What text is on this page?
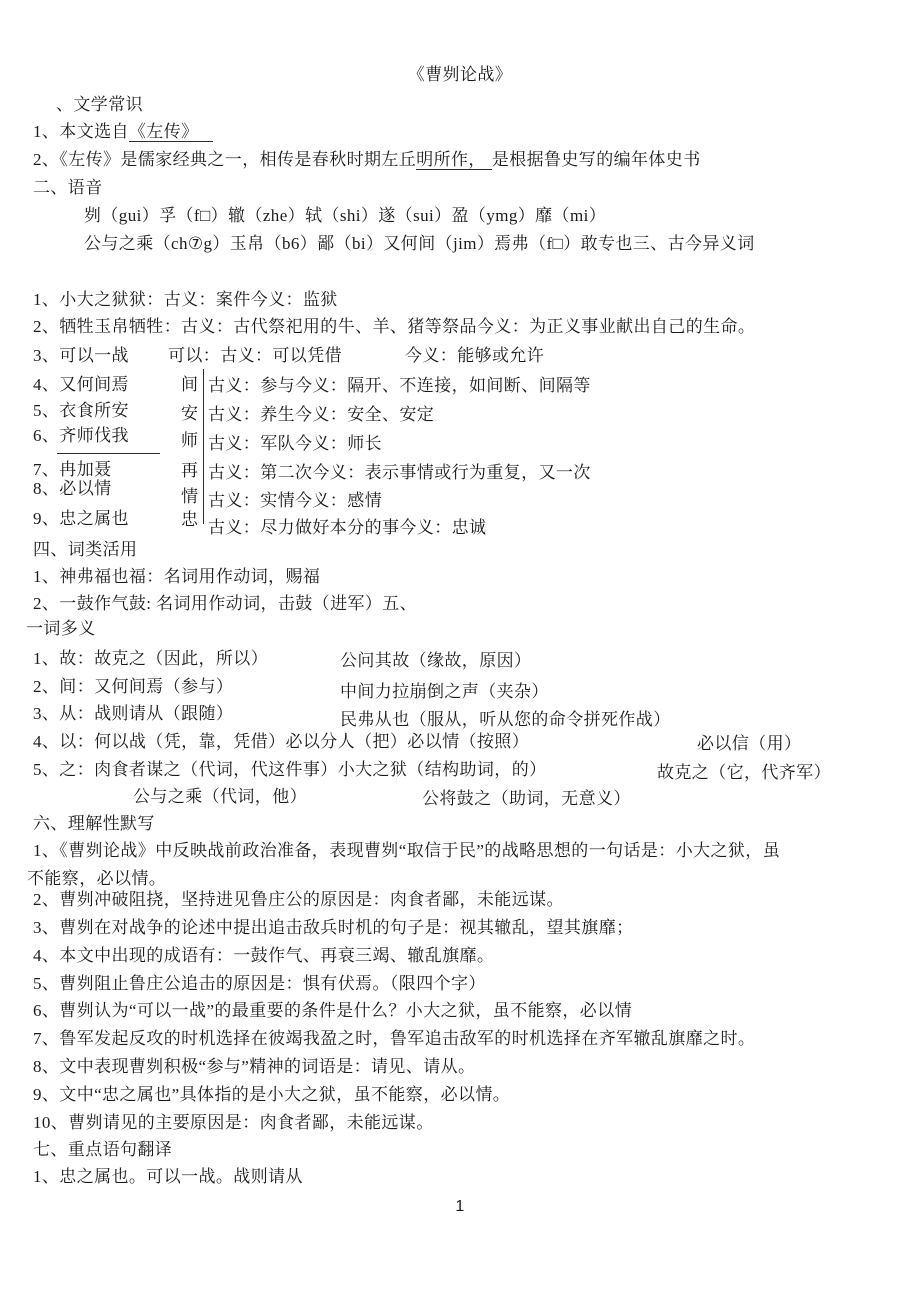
《曹刿论战》
、文学常识
1、本文选自《左传》
2、《左传》是儒家经典之一，相传是春秋时期左丘明所作， 是根据鲁史写的编年体史书
二、语音
刿（gui）孚（f□）辙（zhe）轼（shi）遂（sui）盈（ymg）靡（mi）
公与之乘（ch⑦g）玉帛（b6）鄙（bi）又何间（jim）焉弗（f□）敢专也三、古今异义词
1、小大之狱狱：古义：案件今义：监狱
2、牺牲玉帛牺牲：古义：古代祭祀用的牛、羊、猪等祭品今义：为正义事业献出自己的生命。
3、可以一战 可以：古义：可以凭借	今义：能够或允许
4、又何间焉	间 古义：参与今义：隔开、不连接，如间断、间隔等
5、衣食所安	安 古义：养生今义：安全、安定
6、齐师伐我	师 古义：军队今义：师长
7、冉加聂	再 古义：第二次今义：表示事情或行为重复，又一次
8、必以情	情 古义：实情今义：感情
9、忠之属也	忠 古义：尽力做好本分的事今义：忠诚
四、词类活用
1、神弗福也福：名词用作动词，赐福
2、一鼓作气鼓: 名词用作动词，击鼓（进军）五、
一词多义
1、故：故克之（因此，所以）	公问其故（缘故，原因）
2、间：又何间焉（参与）	中间力拉崩倒之声（夹杂）
3、从：战则请从（跟随）	民弗从也（服从，听从您的命令拼死作战）
4、以：何以战（凭，靠，凭借）必以分人（把）必以情（按照）	必以信（用）
5、之：肉食者谋之（代词，代这件事）小大之狱（结构助词，的）	故克之（它，代齐军）
公与之乘（代词，他）	公将鼓之（助词，无意义）
六、理解性默写
1、《曹刿论战》中反映战前政治准备，表现曹刿“取信于民”的战略思想的一句话是：小大之狱，虽
不能察，必以情。
2、曹刿冲破阻挠，坚持进见鲁庄公的原因是：肉食者鄙，未能远谋。
3、曹刿在对战争的论述中提出追击敌兵时机的句子是：视其辙乱，望其旗靡；
4、本文中出现的成语有：一鼓作气、再衰三竭、辙乱旗靡。
5、曹刿阻止鲁庄公追击的原因是：惧有伏焉。（限四个字）
6、曹刿认为“可以一战”的最重要的条件是什么？小大之狱，虽不能察，必以情
7、鲁军发起反攻的时机选择在彼竭我盈之时，鲁军追击敌军的时机选择在齐军辙乱旗靡之时。
8、文中表现曹刿积极“参与”精神的词语是：请见、请从。
9、文中“忠之属也”具体指的是小大之狱，虽不能察，必以情。
10、曹刿请见的主要原因是：肉食者鄙，未能远谋。
七、重点语句翻译
1、忠之属也。可以一战。战则请从
1
